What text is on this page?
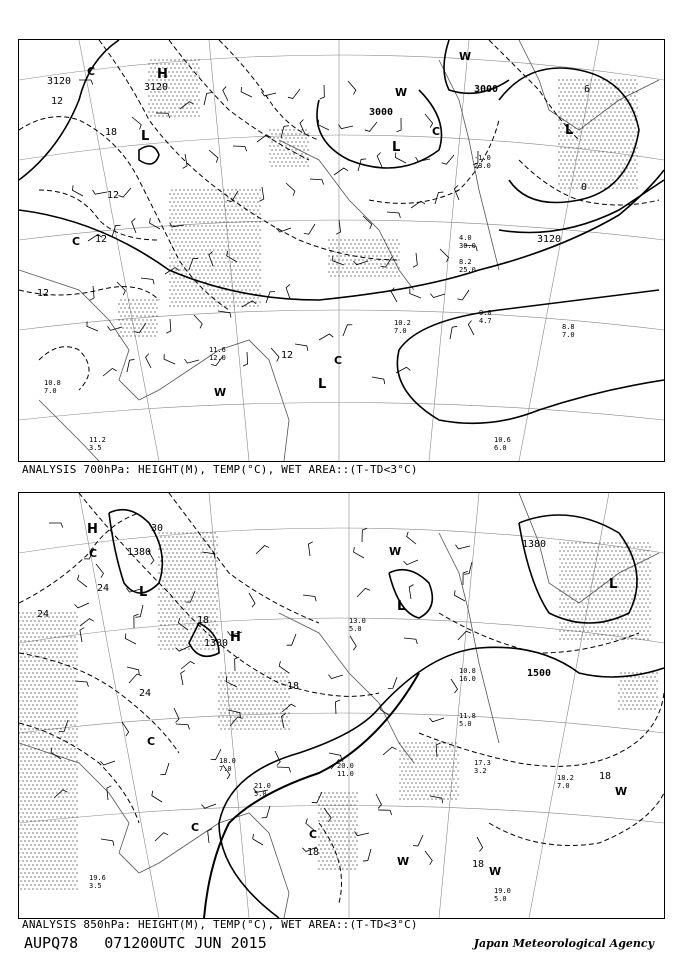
3120
3120
3000
3000
3120
12
12
12
12
18
12
6
0
H
L
L
L
L
C
C
C
C
W
W
W
10.2
7.0
9.0
4.7
8.8
7.0
10.6
6.0
11.2
3.5
4.0
30.0
8.2
25.0
-1.0
23.0
10.8
7.0
11.6
12.0
ANALYSIS 700hPa: HEIGHT(M), TEMP(°C), WET AREA::(T-TD<3°C)
1380
1380
1380
1500
30
24
24
24
18
18
18
18
18
H
H
L
L
L
C
C
C
C
W
W
W
W
17.3
3.2
18.2
7.0
19.0
5.0
19.6
3.5
21.0
5.0
11.8
5.0
10.8
16.0
13.0
5.0
20.0
11.0
18.0
7.0
ANALYSIS 850hPa: HEIGHT(M), TEMP(°C), WET AREA::(T-TD<3°C)
AUPQ78 071200UTC JUN 2015	Japan Meteorological Agency
